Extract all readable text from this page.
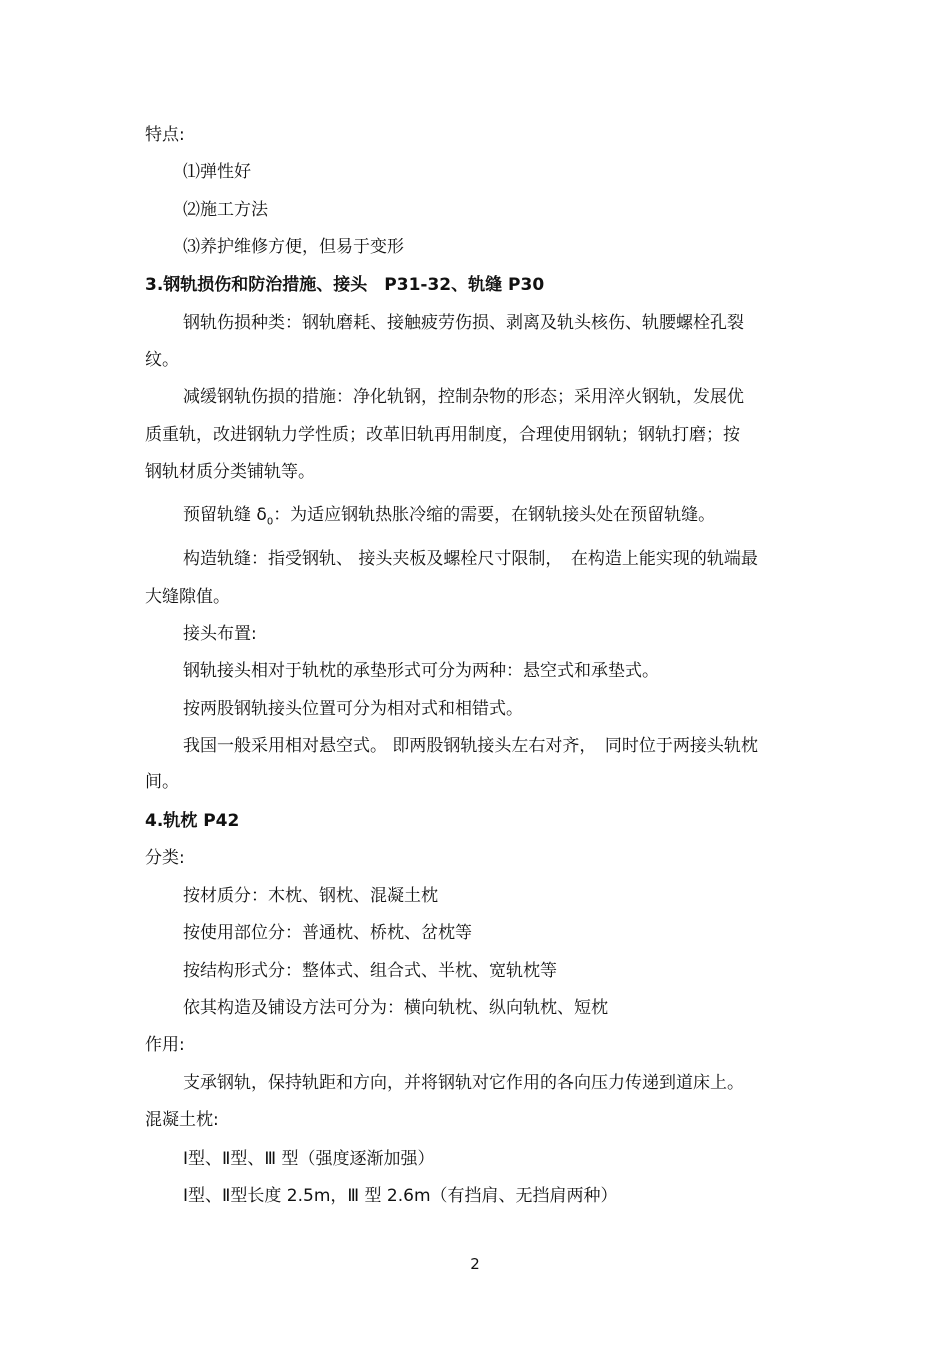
特点:
⑴弹性好
⑵施工方法
⑶养护维修方便，但易于变形
3.钢轨损伤和防治措施、接头　P31-32、轨缝 P30
钢轨伤损种类：钢轨磨耗、接触疲劳伤损、剥离及轨头核伤、轨腰螺栓孔裂
纹。
减缓钢轨伤损的措施：净化轨钢，控制杂物的形态；采用淬火钢轨，发展优
质重轨，改进钢轨力学性质；改革旧轨再用制度，合理使用钢轨；钢轨打磨；按
钢轨材质分类铺轨等。
预留轨缝 $\delta_0$：为适应钢轨热胀冷缩的需要，在钢轨接头处在预留轨缝。
构造轨缝：指受钢轨、 接头夹板及螺栓尺寸限制，　在构造上能实现的轨端最
大缝隙值。
接头布置:
钢轨接头相对于轨枕的承垫形式可分为两种：悬空式和承垫式。
按两股钢轨接头位置可分为相对式和相错式。
我国一般采用相对悬空式。 即两股钢轨接头左右对齐，　同时位于两接头轨枕
间。
4.轨枕 P42
分类:
按材质分：木枕、钢枕、混凝土枕
按使用部位分：普通枕、桥枕、岔枕等
按结构形式分：整体式、组合式、半枕、宽轨枕等
依其构造及铺设方法可分为：横向轨枕、纵向轨枕、短枕
作用:
支承钢轨，保持轨距和方向，并将钢轨对它作用的各向压力传递到道床上。
混凝土枕:
Ⅰ型、Ⅱ型、Ⅲ 型（强度逐渐加强）
Ⅰ型、Ⅱ型长度 2.5m，Ⅲ 型 2.6m（有挡肩、无挡肩两种）
2
